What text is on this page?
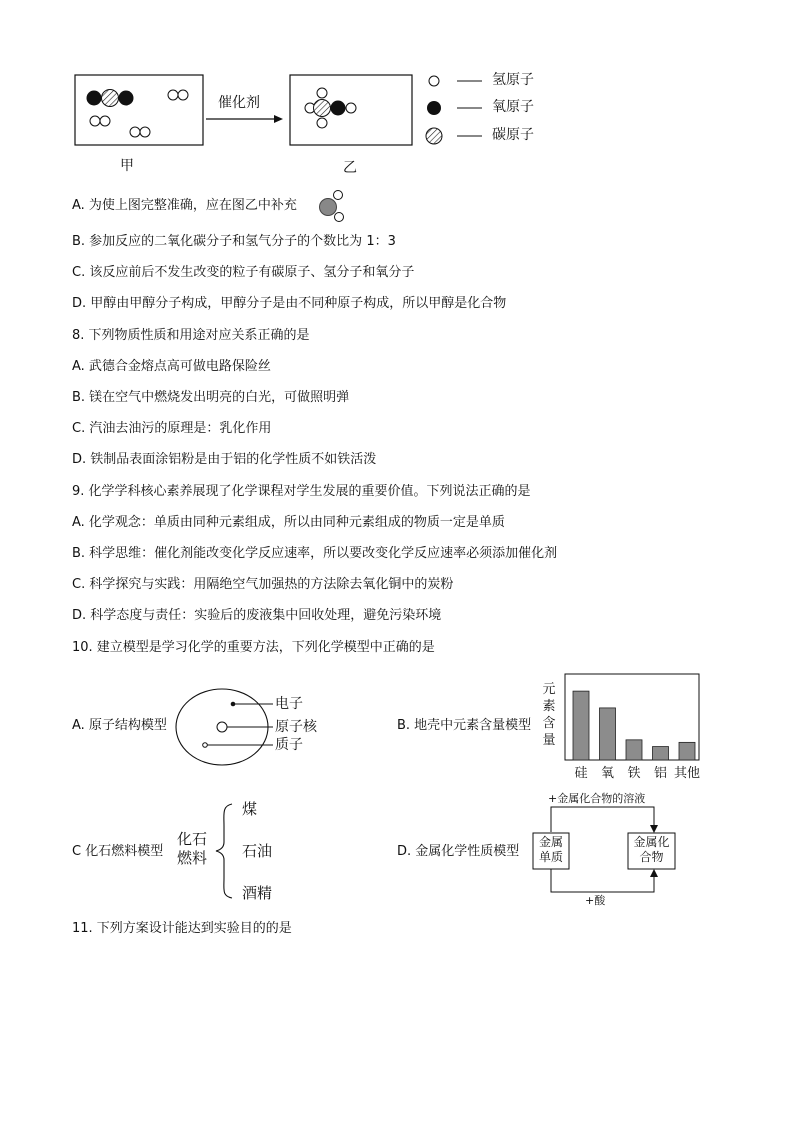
催化剂
甲	乙
氢原子
氧原子
碳原子
A. 为使上图完整准确，应在图乙中补充
B. 参加反应的二氧化碳分子和氢气分子的个数比为 1：3
C. 该反应前后不发生改变的粒子有碳原子、氢分子和氧分子
D. 甲醇由甲醇分子构成，甲醇分子是由不同种原子构成，所以甲醇是化合物
8. 下列物质性质和用途对应关系正确的是
A. 武德合金熔点高可做电路保险丝
B. 镁在空气中燃烧发出明亮的白光，可做照明弹
C. 汽油去油污的原理是：乳化作用
D. 铁制品表面涂铝粉是由于铝的化学性质不如铁活泼
9. 化学学科核心素养展现了化学课程对学生发展的重要价值。下列说法正确的是
A. 化学观念：单质由同种元素组成，所以由同种元素组成的物质一定是单质
B. 科学思维：催化剂能改变化学反应速率，所以要改变化学反应速率必须添加催化剂
C. 科学探究与实践：用隔绝空气加强热的方法除去氧化铜中的炭粉
D. 科学态度与责任：实验后的废液集中回收处理，避免污染环境
10. 建立模型是学习化学的重要方法，下列化学模型中正确的是
A. 原子结构模型
电子
原子核
质子
B. 地壳中元素含量模型
元素含量
硅 氧 铁 铝 其他
C 化石燃料模型
化石燃料
煤
石油
酒精
D. 金属化学性质模型
+金属化合物的溶液
金属单质
金属化合物
+酸
11. 下列方案设计能达到实验目的的是
